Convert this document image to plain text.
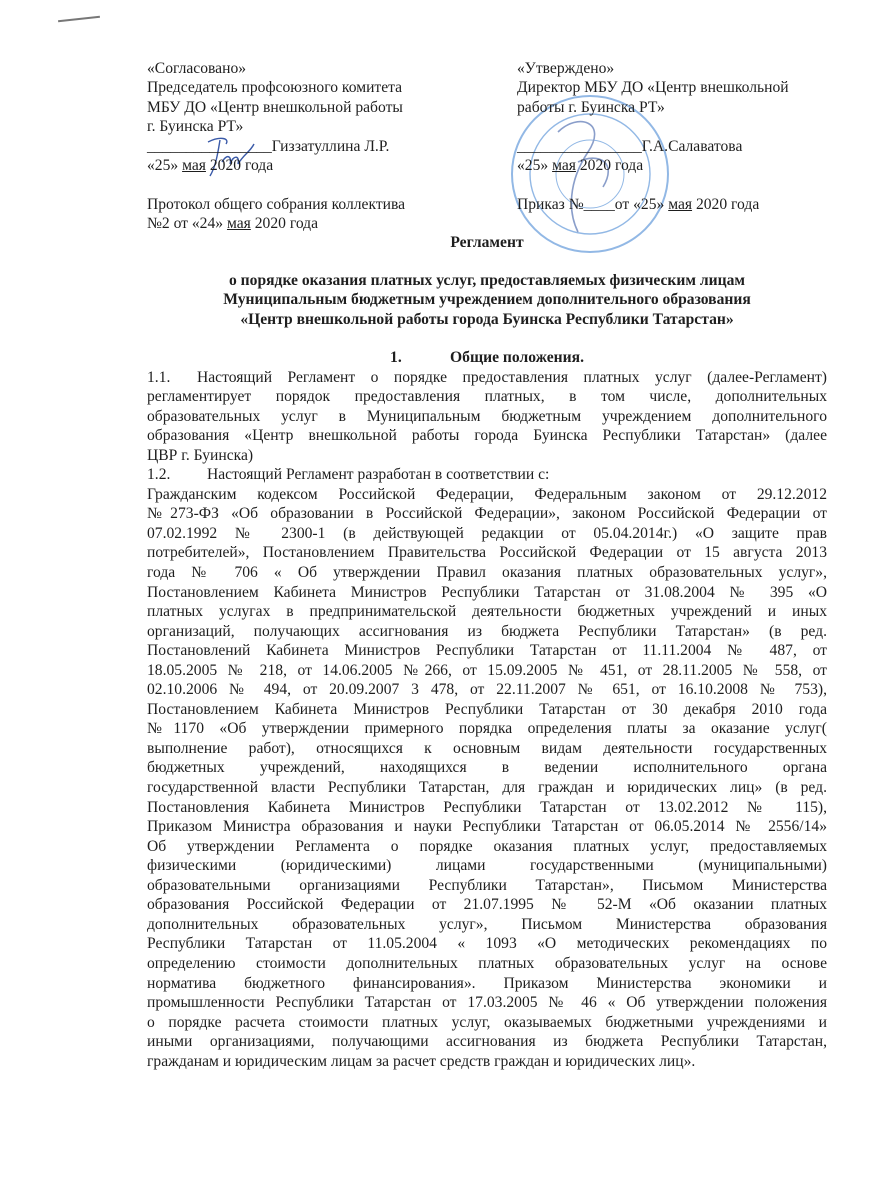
«Согласовано»
Председатель профсоюзного комитета
МБУ ДО «Центр внешкольной работы
г. Буинска РТ»
________________Гиззатуллина Л.Р.
«25» мая 2020 года
Протокол общего собрания коллектива
№2 от «24» мая 2020 года
«Утверждено»
Директор МБУ ДО «Центр внешкольной
работы г. Буинска РТ»
________________Г.А.Салаватова
«25» мая 2020 года
Приказ №____от «25» мая 2020 года
Регламент
о порядке оказания платных услуг, предоставляемых физическим лицам
Муниципальным бюджетным учреждением дополнительного образования
«Центр внешкольной работы города Буинска Республики Татарстан»
1.	Общие положения.
1.1.	Настоящий Регламент о порядке предоставления платных услуг (далее-Регламент)
регламентирует порядок предоставления платных, в том числе, дополнительных
образовательных услуг в Муниципальным бюджетным учреждением дополнительного
образования «Центр внешкольной работы города Буинска Республики Татарстан» (далее
ЦВР г. Буинска)
1.2.	Настоящий Регламент разработан в соответствии с:
Гражданским кодексом Российской Федерации, Федеральным законом от 29.12.2012
№273-ФЗ «Об образовании в Российской Федерации», законом Российской Федерации от
07.02.1992 № 2300-1 (в действующей редакции от 05.04.2014г.) «О защите прав
потребителей», Постановлением Правительства Российской Федерации от 15 августа 2013
года № 706 « Об утверждении Правил оказания платных образовательных услуг»,
Постановлением Кабинета Министров Республики Татарстан от 31.08.2004 № 395 «О
платных услугах в предпринимательской деятельности бюджетных учреждений и иных
организаций, получающих ассигнования из бюджета Республики Татарстан» (в ред.
Постановлений Кабинета Министров Республики Татарстан от 11.11.2004 № 487, от
18.05.2005 № 218, от 14.06.2005 №266, от 15.09.2005 № 451, от 28.11.2005 № 558, от
02.10.2006 № 494, от 20.09.2007 3 478, от 22.11.2007 № 651, от 16.10.2008 № 753),
Постановлением Кабинета Министров Республики Татарстан от 30 декабря 2010 года
№1170 «Об утверждении примерного порядка определения платы за оказание услуг(
выполнение работ), относящихся к основным видам деятельности государственных
бюджетных учреждений, находящихся в ведении исполнительного органа
государственной власти Республики Татарстан, для граждан и юридических лиц» (в ред.
Постановления Кабинета Министров Республики Татарстан от 13.02.2012 № 115),
Приказом Министра образования и науки Республики Татарстан от 06.05.2014 № 2556/14»
Об утверждении Регламента о порядке оказания платных услуг, предоставляемых
физическими (юридическими) лицами государственными (муниципальными)
образовательными организациями Республики Татарстан», Письмом Министерства
образования Российской Федерации от 21.07.1995 № 52-М «Об оказании платных
дополнительных образовательных услуг», Письмом Министерства образования
Республики Татарстан от 11.05.2004 « 1093 «О методических рекомендациях по
определению стоимости дополнительных платных образовательных услуг на основе
норматива бюджетного финансирования». Приказом Министерства экономики и
промышленности Республики Татарстан от 17.03.2005 № 46 « Об утверждении положения
о порядке расчета стоимости платных услуг, оказываемых бюджетными учреждениями и
иными организациями, получающими ассигнования из бюджета Республики Татарстан,
гражданам и юридическим лицам за расчет средств граждан и юридических лиц».
